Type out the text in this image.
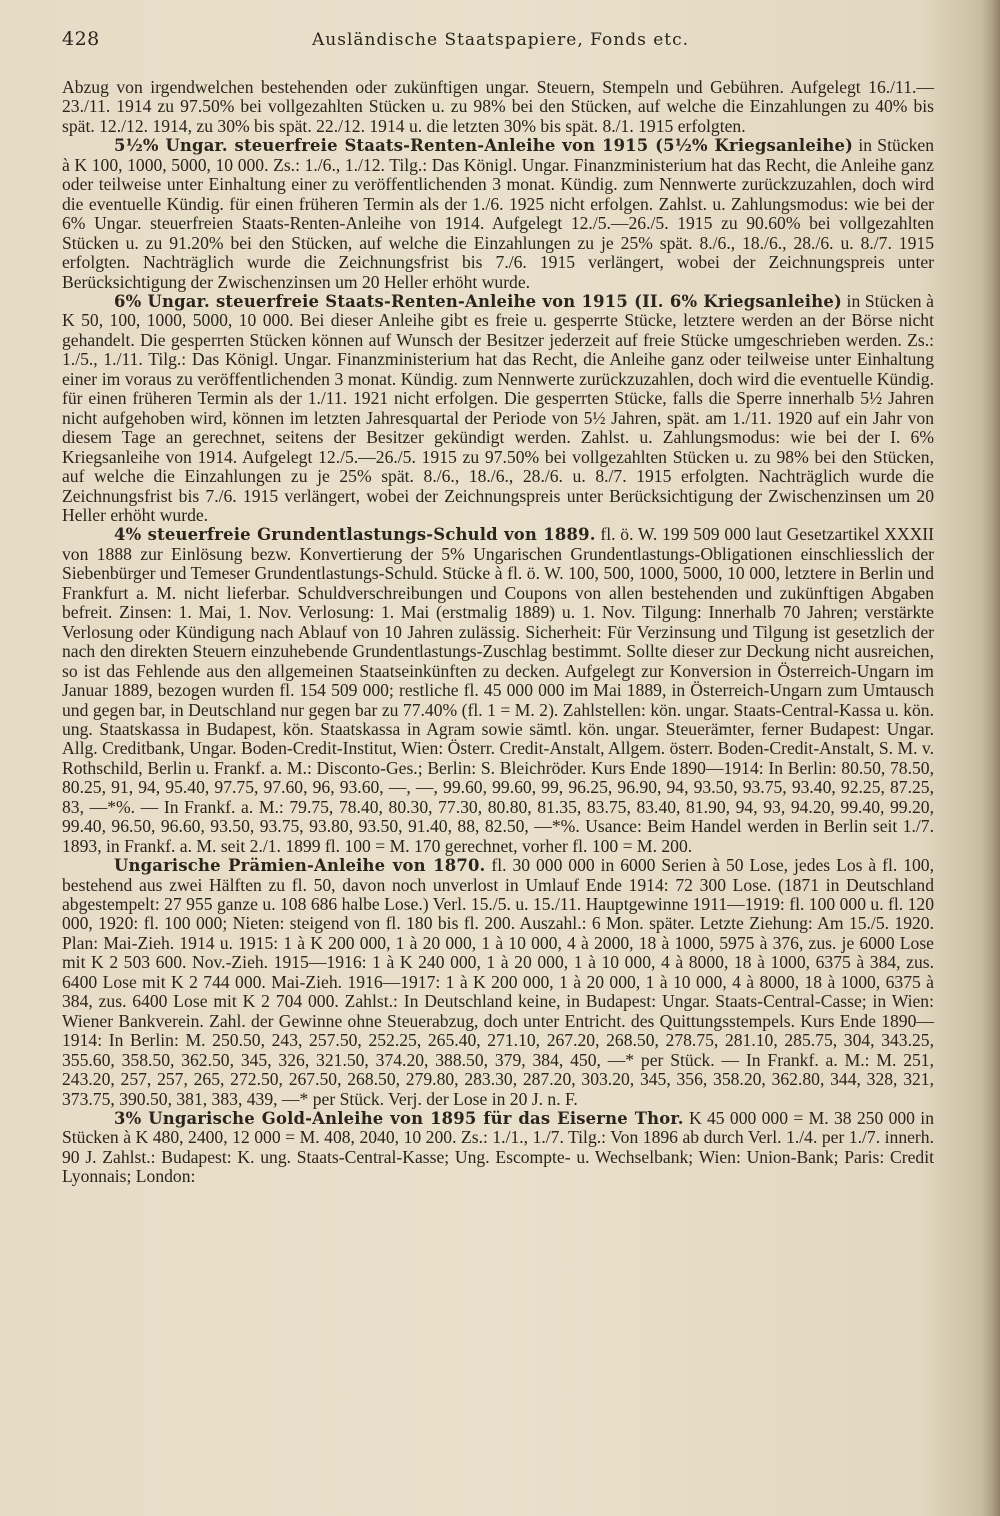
428	Ausländische Staatspapiere, Fonds etc.

Abzug von irgendwelchen bestehenden oder zukünftigen ungar. Steuern, Stempeln und Gebühren. Aufgelegt 16./11.—23./11. 1914 zu 97.50% bei vollgezahlten Stücken u. zu 98% bei den Stücken, auf welche die Einzahlungen zu 40% bis spät. 12./12. 1914, zu 30% bis spät. 22./12. 1914 u. die letzten 30% bis spät. 8./1. 1915 erfolgten.

5½% Ungar. steuerfreie Staats-Renten-Anleihe von 1915 (5½% Kriegsanleihe) in Stücken à K 100, 1000, 5000, 10 000. Zs.: 1./6., 1./12. Tilg.: Das Königl. Ungar. Finanzministerium hat das Recht, die Anleihe ganz oder teilweise unter Einhaltung einer zu veröffentlichenden 3 monat. Kündig. zum Nennwerte zurückzuzahlen, doch wird die eventuelle Kündig. für einen früheren Termin als der 1./6. 1925 nicht erfolgen. Zahlst. u. Zahlungsmodus: wie bei der 6% Ungar. steuerfreien Staats-Renten-Anleihe von 1914. Aufgelegt 12./5.—26./5. 1915 zu 90.60% bei vollgezahlten Stücken u. zu 91.20% bei den Stücken, auf welche die Einzahlungen zu je 25% spät. 8./6., 18./6., 28./6. u. 8./7. 1915 erfolgten. Nachträglich wurde die Zeichnungsfrist bis 7./6. 1915 verlängert, wobei der Zeichnungspreis unter Berücksichtigung der Zwischenzinsen um 20 Heller erhöht wurde.

6% Ungar. steuerfreie Staats-Renten-Anleihe von 1915 (II. 6% Kriegsanleihe) in Stücken à K 50, 100, 1000, 5000, 10 000. Bei dieser Anleihe gibt es freie u. gesperrte Stücke, letztere werden an der Börse nicht gehandelt. Die gesperrten Stücken können auf Wunsch der Besitzer jederzeit auf freie Stücke umgeschrieben werden. Zs.: 1./5., 1./11. Tilg.: Das Königl. Ungar. Finanzministerium hat das Recht, die Anleihe ganz oder teilweise unter Einhaltung einer im voraus zu veröffentlichenden 3 monat. Kündig. zum Nennwerte zurückzuzahlen, doch wird die eventuelle Kündig. für einen früheren Termin als der 1./11. 1921 nicht erfolgen. Die gesperrten Stücke, falls die Sperre innerhalb 5½ Jahren nicht aufgehoben wird, können im letzten Jahresquartal der Periode von 5½ Jahren, spät. am 1./11. 1920 auf ein Jahr von diesem Tage an gerechnet, seitens der Besitzer gekündigt werden. Zahlst. u. Zahlungsmodus: wie bei der I. 6% Kriegsanleihe von 1914. Aufgelegt 12./5.—26./5. 1915 zu 97.50% bei vollgezahlten Stücken u. zu 98% bei den Stücken, auf welche die Einzahlungen zu je 25% spät. 8./6., 18./6., 28./6. u. 8./7. 1915 erfolgten. Nachträglich wurde die Zeichnungsfrist bis 7./6. 1915 verlängert, wobei der Zeichnungspreis unter Berücksichtigung der Zwischenzinsen um 20 Heller erhöht wurde.

4% steuerfreie Grundentlastungs-Schuld von 1889. fl. ö. W. 199 509 000 laut Gesetzartikel XXXII von 1888 zur Einlösung bezw. Konvertierung der 5% Ungarischen Grundentlastungs-Obligationen einschliesslich der Siebenbürger und Temeser Grundentlastungs-Schuld. Stücke à fl. ö. W. 100, 500, 1000, 5000, 10 000, letztere in Berlin und Frankfurt a. M. nicht lieferbar. Schuldverschreibungen und Coupons von allen bestehenden und zukünftigen Abgaben befreit. Zinsen: 1. Mai, 1. Nov. Verlosung: 1. Mai (erstmalig 1889) u. 1. Nov. Tilgung: Innerhalb 70 Jahren; verstärkte Verlosung oder Kündigung nach Ablauf von 10 Jahren zulässig. Sicherheit: Für Verzinsung und Tilgung ist gesetzlich der nach den direkten Steuern einzuhebende Grundentlastungs-Zuschlag bestimmt. Sollte dieser zur Deckung nicht ausreichen, so ist das Fehlende aus den allgemeinen Staatseinkünften zu decken. Aufgelegt zur Konversion in Österreich-Ungarn im Januar 1889, bezogen wurden fl. 154 509 000; restliche fl. 45 000 000 im Mai 1889, in Österreich-Ungarn zum Umtausch und gegen bar, in Deutschland nur gegen bar zu 77.40% (fl. 1 = M. 2). Zahlstellen: kön. ungar. Staats-Central-Kassa u. kön. ung. Staatskassa in Budapest, kön. Staatskassa in Agram sowie sämtl. kön. ungar. Steuerämter, ferner Budapest: Ungar. Allg. Creditbank, Ungar. Boden-Credit-Institut, Wien: Österr. Credit-Anstalt, Allgem. österr. Boden-Credit-Anstalt, S. M. v. Rothschild, Berlin u. Frankf. a. M.: Disconto-Ges.; Berlin: S. Bleichröder. Kurs Ende 1890—1914: In Berlin: 80.50, 78.50, 80.25, 91, 94, 95.40, 97.75, 97.60, 96, 93.60, —, —, 99.60, 99.60, 99, 96.25, 96.90, 94, 93.50, 93.75, 93.40, 92.25, 87.25, 83, —*%. — In Frankf. a. M.: 79.75, 78.40, 80.30, 77.30, 80.80, 81.35, 83.75, 83.40, 81.90, 94, 93, 94.20, 99.40, 99.20, 99.40, 96.50, 96.60, 93.50, 93.75, 93.80, 93.50, 91.40, 88, 82.50, —*%. Usance: Beim Handel werden in Berlin seit 1./7. 1893, in Frankf. a. M. seit 2./1. 1899 fl. 100 = M. 170 gerechnet, vorher fl. 100 = M. 200.

Ungarische Prämien-Anleihe von 1870. fl. 30 000 000 in 6000 Serien à 50 Lose, jedes Los à fl. 100, bestehend aus zwei Hälften zu fl. 50, davon noch unverlost in Umlauf Ende 1914: 72 300 Lose. (1871 in Deutschland abgestempelt: 27 955 ganze u. 108 686 halbe Lose.) Verl. 15./5. u. 15./11. Hauptgewinne 1911—1919: fl. 100 000 u. fl. 120 000, 1920: fl. 100 000; Nieten: steigend von fl. 180 bis fl. 200. Auszahl.: 6 Mon. später. Letzte Ziehung: Am 15./5. 1920. Plan: Mai-Zieh. 1914 u. 1915: 1 à K 200 000, 1 à 20 000, 1 à 10 000, 4 à 2000, 18 à 1000, 5975 à 376, zus. je 6000 Lose mit K 2 503 600. Nov.-Zieh. 1915—1916: 1 à K 240 000, 1 à 20 000, 1 à 10 000, 4 à 8000, 18 à 1000, 6375 à 384, zus. 6400 Lose mit K 2 744 000. Mai-Zieh. 1916—1917: 1 à K 200 000, 1 à 20 000, 1 à 10 000, 4 à 8000, 18 à 1000, 6375 à 384, zus. 6400 Lose mit K 2 704 000. Zahlst.: In Deutschland keine, in Budapest: Ungar. Staats-Central-Casse; in Wien: Wiener Bankverein. Zahl. der Gewinne ohne Steuerabzug, doch unter Entricht. des Quittungsstempels. Kurs Ende 1890—1914: In Berlin: M. 250.50, 243, 257.50, 252.25, 265.40, 271.10, 267.20, 268.50, 278.75, 281.10, 285.75, 304, 343.25, 355.60, 358.50, 362.50, 345, 326, 321.50, 374.20, 388.50, 379, 384, 450, —* per Stück. — In Frankf. a. M.: M. 251, 243.20, 257, 257, 265, 272.50, 267.50, 268.50, 279.80, 283.30, 287.20, 303.20, 345, 356, 358.20, 362.80, 344, 328, 321, 373.75, 390.50, 381, 383, 439, —* per Stück. Verj. der Lose in 20 J. n. F.

3% Ungarische Gold-Anleihe von 1895 für das Eiserne Thor. K 45 000 000 = M. 38 250 000 in Stücken à K 480, 2400, 12 000 = M. 408, 2040, 10 200. Zs.: 1./1., 1./7. Tilg.: Von 1896 ab durch Verl. 1./4. per 1./7. innerh. 90 J. Zahlst.: Budapest: K. ung. Staats-Central-Kasse; Ung. Escompte- u. Wechselbank; Wien: Union-Bank; Paris: Credit Lyonnais; London:
